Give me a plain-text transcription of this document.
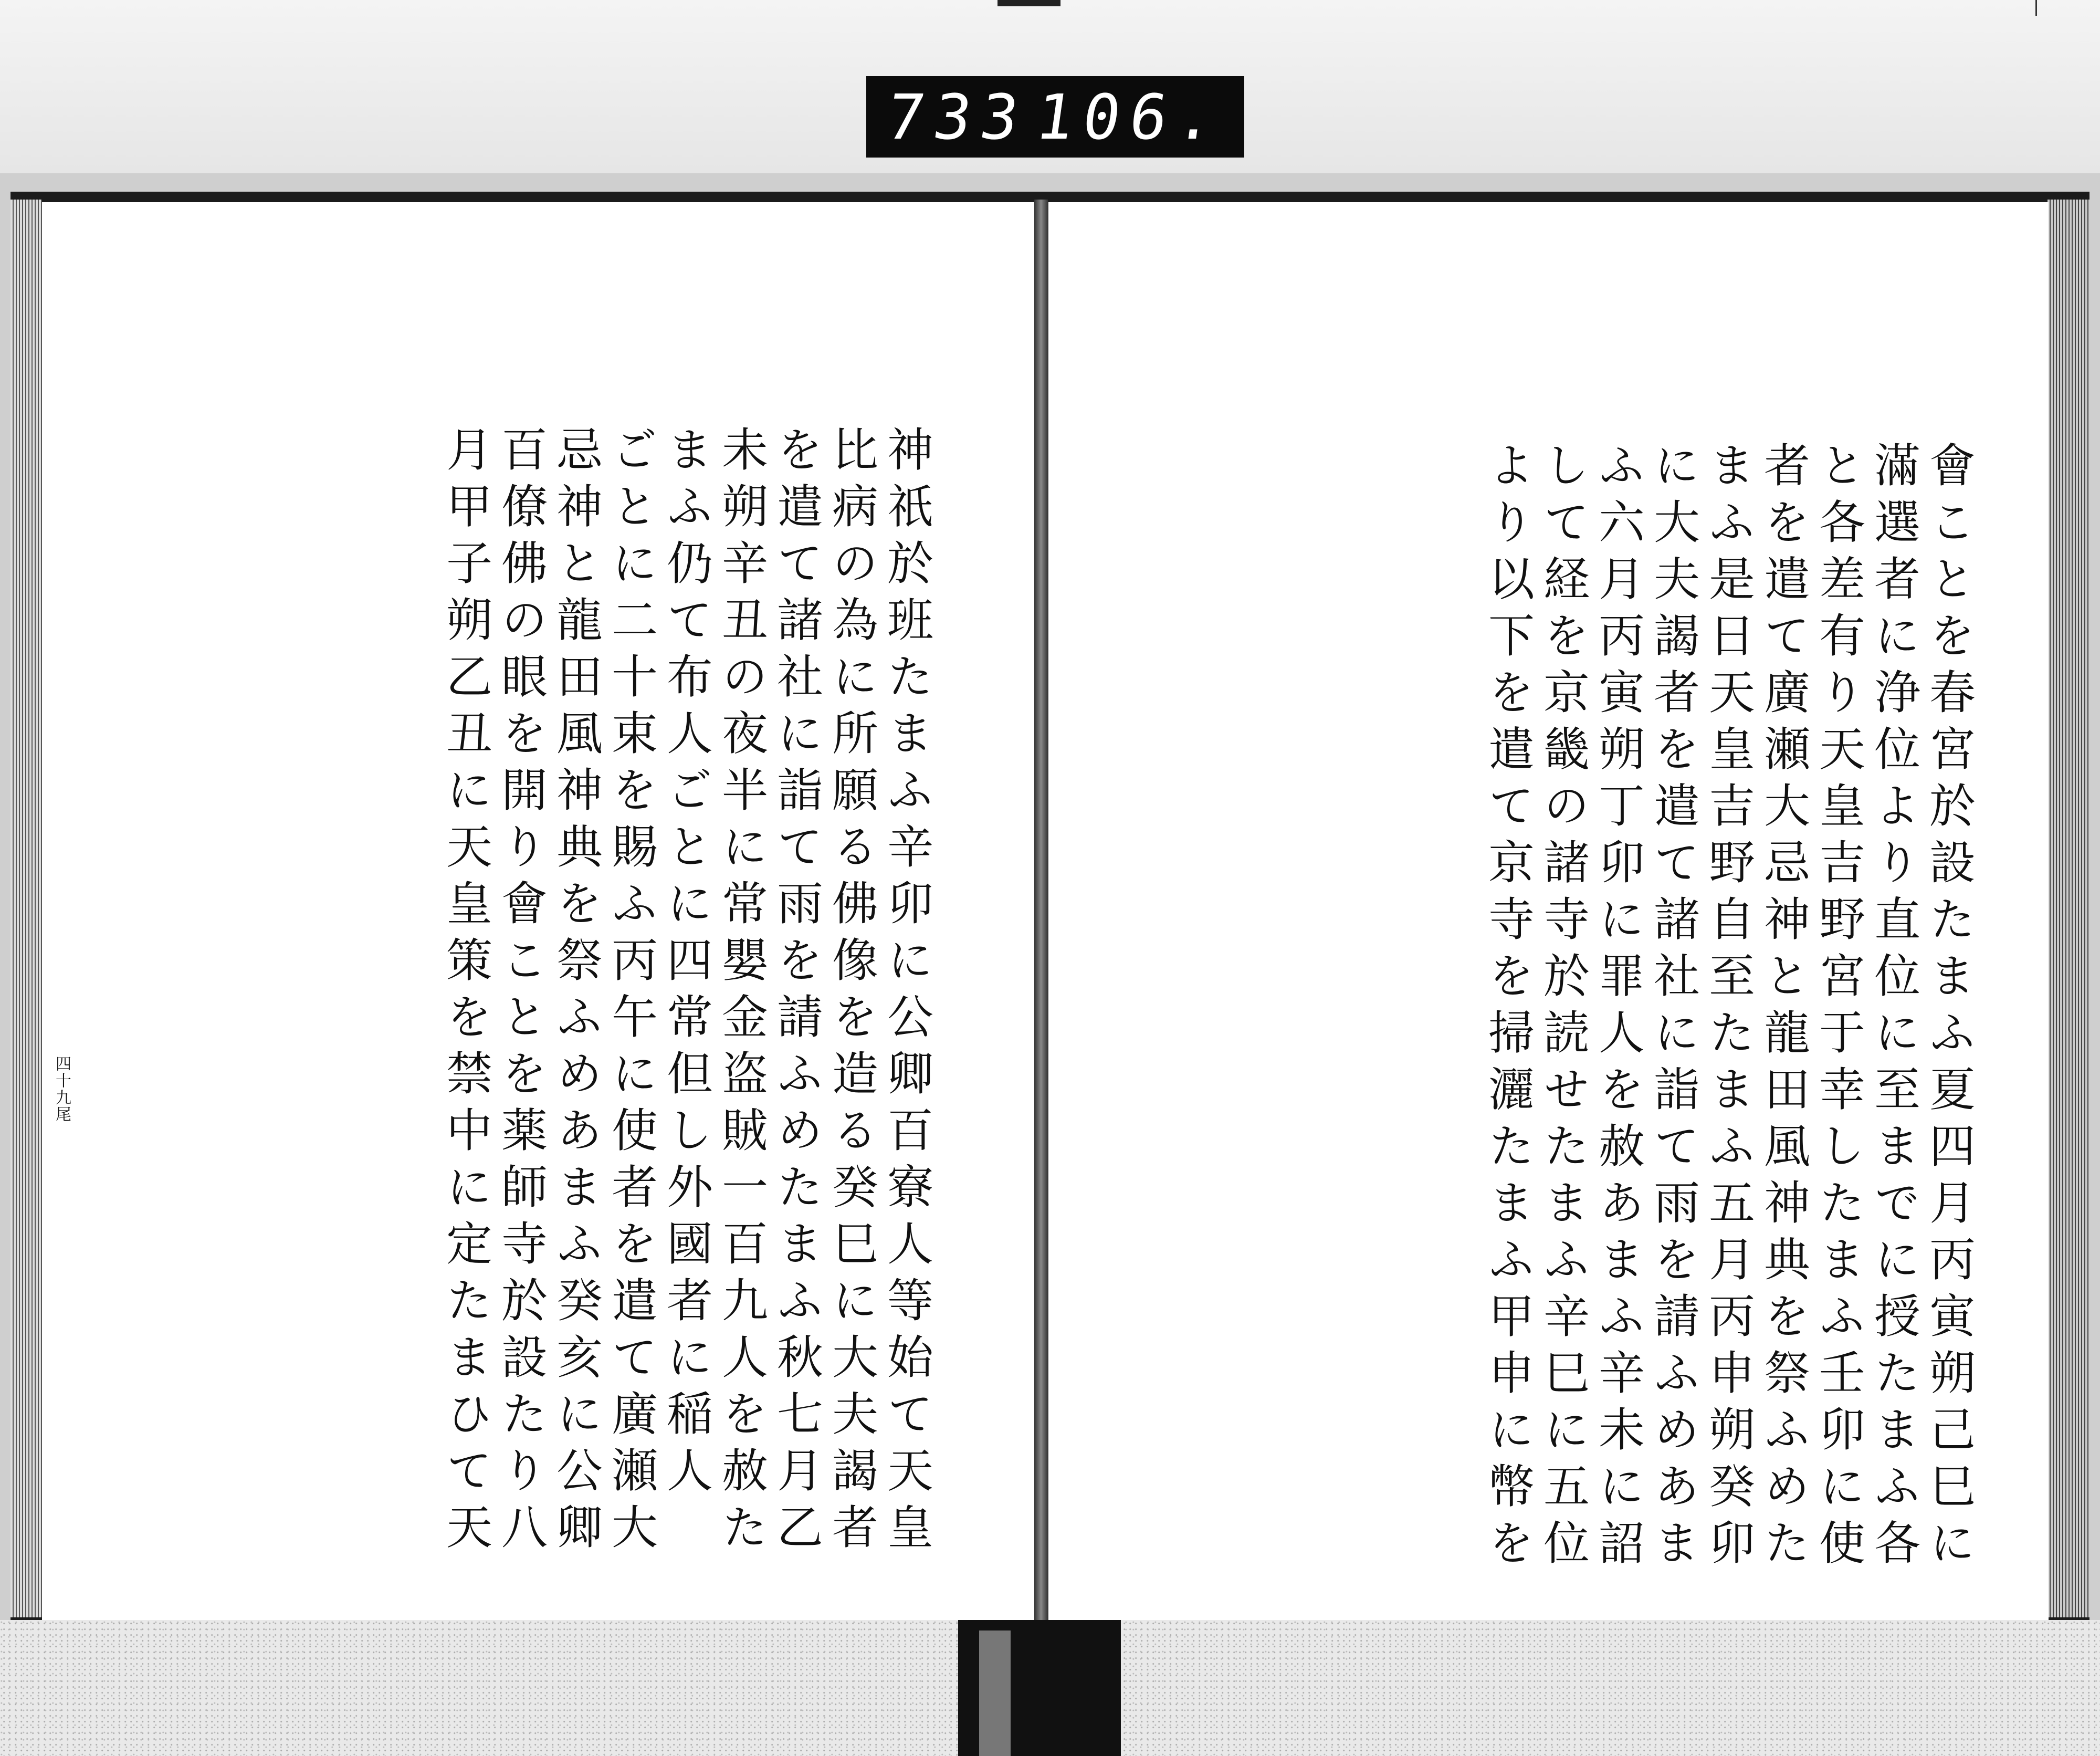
733
106.
神祇於班たまふ辛卯に公卿百寮人等始て天皇
比病の為に所願る佛像を造る癸巳に大夫謁者
を遣て諸社に詣て雨を請ふめたまふ秋七月乙
未朔辛丑の夜半に常嬰金盗賊一百九人を赦た
まふ仍て布人ごとに四常但し外國者に稲人
ごとに二十束を賜ふ丙午に使者を遣て廣瀬大
忌神と龍田風神典を祭ふめあまふ癸亥に公卿
百僚佛の眼を開り會ことを薬師寺於設たり八
月甲子朔乙丑に天皇策を禁中に定たまひて天
四十九尾	會ことを春宮於設たまふ夏四月丙寅朔己巳に
滿選者に浄位より直位に至までに授たまふ各
と各差有り天皇吉野宮于幸したまふ壬卯に使
者を遣て廣瀬大忌神と龍田風神典を祭ふめた
まふ是日天皇吉野自至たまふ五月丙申朔癸卯
に大夫謁者を遣て諸社に詣て雨を請ふめあま
ふ六月丙寅朔丁卯に罪人を赦あまふ辛未に詔
して経を京畿の諸寺於読せたまふ辛巳に五位
より以下を遣て京寺を掃灑たまふ甲申に幣を
